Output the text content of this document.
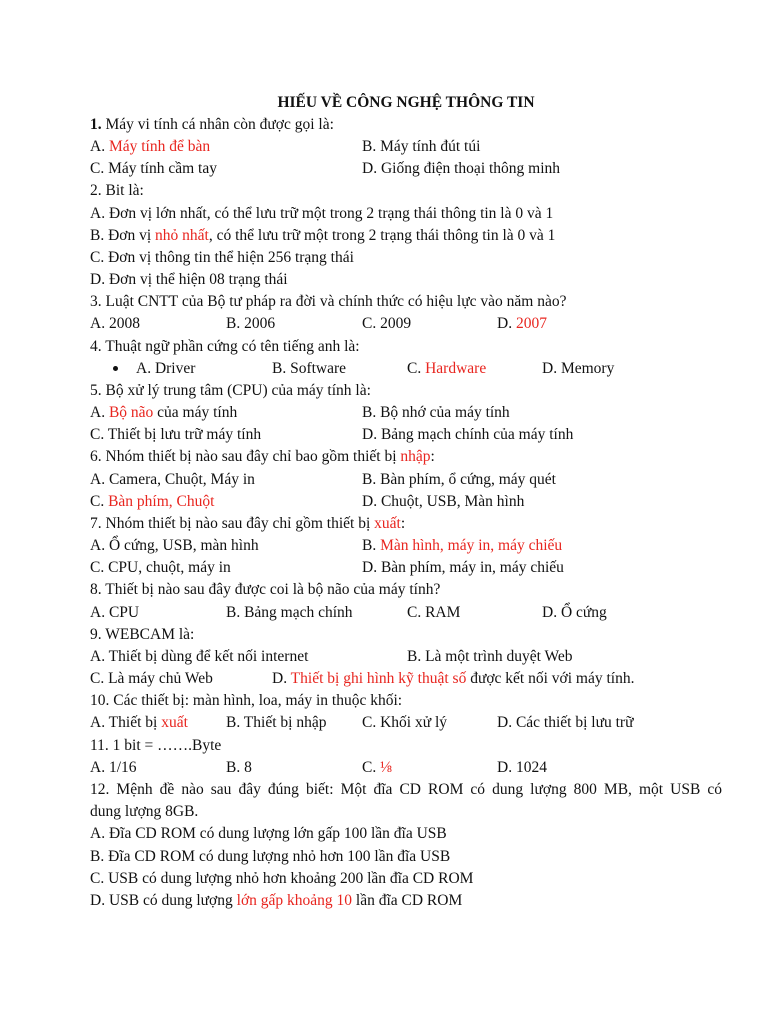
HIẾU VỀ CÔNG NGHỆ THÔNG TIN
1. Máy vi tính cá nhân còn được gọi là:
A. Máy tính để bàn	B. Máy tính đút túi
C. Máy tính cầm tay	D. Giống điện thoại thông minh
2. Bit là:
A. Đơn vị lớn nhất, có thể lưu trữ một trong 2 trạng thái thông tin là 0 và 1
B. Đơn vị nhỏ nhất, có thể lưu trữ một trong 2 trạng thái thông tin là 0 và 1
C. Đơn vị thông tin thể hiện 256 trạng thái
D. Đơn vị thể hiện 08 trạng thái
3. Luật CNTT của Bộ tư pháp ra đời và chính thức có hiệu lực vào năm nào?
A. 2008	B. 2006	C. 2009	D. 2007
4. Thuật ngữ phần cứng có tên tiếng anh là:
A. Driver	B. Software	C. Hardware	D. Memory
5. Bộ xử lý trung tâm (CPU) của máy tính là:
A. Bộ não của máy tính	B. Bộ nhớ của máy tính
C. Thiết bị lưu trữ máy tính	D. Bảng mạch chính của máy tính
6. Nhóm thiết bị nào sau đây chỉ bao gồm thiết bị nhập:
A. Camera, Chuột, Máy in	B. Bàn phím, ổ cứng, máy quét
C. Bàn phím, Chuột	D. Chuột, USB, Màn hình
7. Nhóm thiết bị nào sau đây chỉ gồm thiết bị xuất:
A. Ổ cứng, USB, màn hình	B. Màn hình, máy in, máy chiếu
C. CPU, chuột, máy in	D. Bàn phím, máy in, máy chiếu
8. Thiết bị nào sau đây được coi là bộ não của máy tính?
A. CPU	B. Bảng mạch chính	C. RAM	D. Ổ cứng
9. WEBCAM là:
A. Thiết bị dùng để kết nối internet	B. Là một trình duyệt Web
C. Là máy chủ Web	D. Thiết bị ghi hình kỹ thuật số được kết nối với máy tính.
10. Các thiết bị: màn hình, loa, máy in thuộc khối:
A. Thiết bị xuất B. Thiết bị nhập C. Khối xử lý	D. Các thiết bị lưu trữ
11. 1 bit = …….Byte
A. 1/16	B. 8	C. ⅛	D. 1024
12. Mệnh đề nào sau đây đúng biết: Một đĩa CD ROM có dung lượng 800 MB, một USB có
dung lượng 8GB.
A. Đĩa CD ROM có dung lượng lớn gấp 100 lần đĩa USB
B. Đĩa CD ROM có dung lượng nhỏ hơn 100 lần đĩa USB
C. USB có dung lượng nhỏ hơn khoảng 200 lần đĩa CD ROM
D. USB có dung lượng lớn gấp khoảng 10 lần đĩa CD ROM
